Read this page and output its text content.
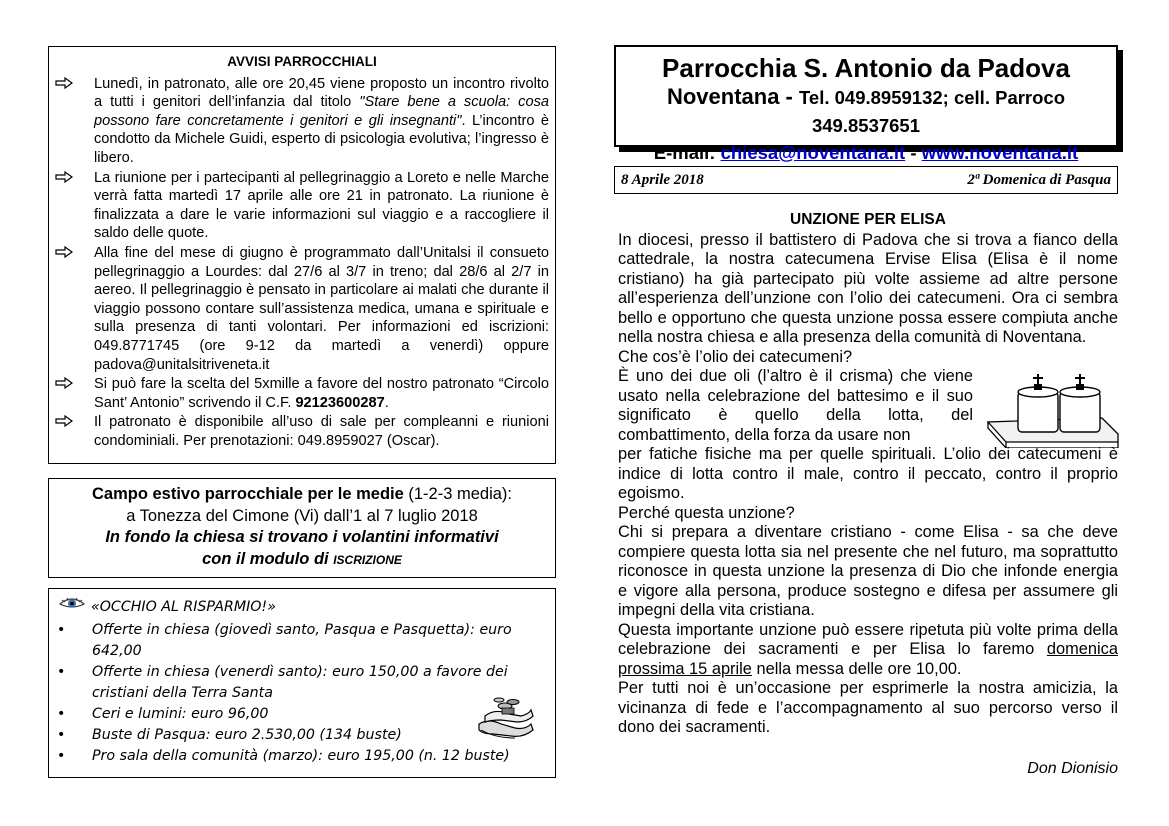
AVVISI PARROCCHIALI
Lunedì, in patronato, alle ore 20,45 viene proposto un incontro rivolto a tutti i genitori dell’infanzia dal titolo "Stare bene a scuola: cosa possono fare concretamente i genitori e gli insegnanti". L’incontro è condotto da Michele Guidi, esperto di psicologia evolutiva; l’ingresso è libero.
La riunione per i partecipanti al pellegrinaggio a Loreto e nelle Marche verrà fatta martedì 17 aprile alle ore 21 in patronato. La riunione è finalizzata a dare le varie informazioni sul viaggio e a raccogliere il saldo delle quote.
Alla fine del mese di giugno è programmato dall’Unitalsi il consueto pellegrinaggio a Lourdes: dal 27/6 al 3/7 in treno; dal 28/6 al 2/7 in aereo. Il pellegrinaggio è pensato in particolare ai malati che durante il viaggio possono contare sull’assistenza medica, umana e spirituale e sulla presenza di tanti volontari. Per informazioni ed iscrizioni: 049.8771745 (ore 9-12 da martedì a venerdì) oppure padova@unitalsitriveneta.it
Si può fare la scelta del 5xmille a favore del nostro patronato “Circolo Sant’ Antonio” scrivendo il C.F. 92123600287.
Il patronato è disponibile all’uso di sale per compleanni e riunioni condominiali. Per prenotazioni: 049.8959027 (Oscar).
Campo estivo parrocchiale per le medie (1-2-3 media):
a Tonezza del Cimone (Vi) dall’1 al 7 luglio 2018
In fondo la chiesa si trovano i volantini informativi
con il modulo di ISCRIZIONE
«OCCHIO AL RISPARMIO!»
• Offerte in chiesa (giovedì santo, Pasqua e Pasquetta): euro 642,00
• Offerte in chiesa (venerdì santo): euro 150,00 a favore dei cristiani della Terra Santa
• Ceri e lumini: euro 96,00
• Buste di Pasqua: euro 2.530,00 (134 buste)
• Pro sala della comunità (marzo): euro 195,00 (n. 12 buste)
Parrocchia S. Antonio da Padova
Noventana - Tel. 049.8959132; cell. Parroco 349.8537651
E-mail: chiesa@noventana.it - www.noventana.it
8 Aprile 2018	2ª Domenica di Pasqua
UNZIONE PER ELISA

In diocesi, presso il battistero di Padova che si trova a fianco della cattedrale, la nostra catecumena Ervise Elisa (Elisa è il nome cristiano) ha già partecipato più volte assieme ad altre persone all’esperienza dell’unzione con l’olio dei catecumeni. Ora ci sembra bello e opportuno che questa unzione possa essere compiuta anche nella nostra chiesa e alla presenza della comunità di Noventana.

Che cos’è l’olio dei catecumeni?

È uno dei due oli (l’altro è il crisma) che viene usato nella celebrazione del battesimo e il suo significato è quello della lotta, del combattimento, della forza da usare non

per fatiche fisiche ma per quelle spirituali. L’olio dei catecumeni è indice di lotta contro il male, contro il peccato, contro il proprio egoismo.

Perché questa unzione?

Chi si prepara a diventare cristiano - come Elisa - sa che deve compiere questa lotta sia nel presente che nel futuro, ma soprattutto riconosce in questa unzione la presenza di Dio che infonde energia e vigore alla persona, produce sostegno e difesa per assumere gli impegni della vita cristiana.

Questa importante unzione può essere ripetuta più volte prima della celebrazione dei sacramenti e per Elisa lo faremo domenica prossima 15 aprile nella messa delle ore 10,00.

Per tutti noi è un’occasione per esprimerle la nostra amicizia, la vicinanza di fede e l’accompagnamento al suo percorso verso il dono dei sacramenti.

Don Dionisio
